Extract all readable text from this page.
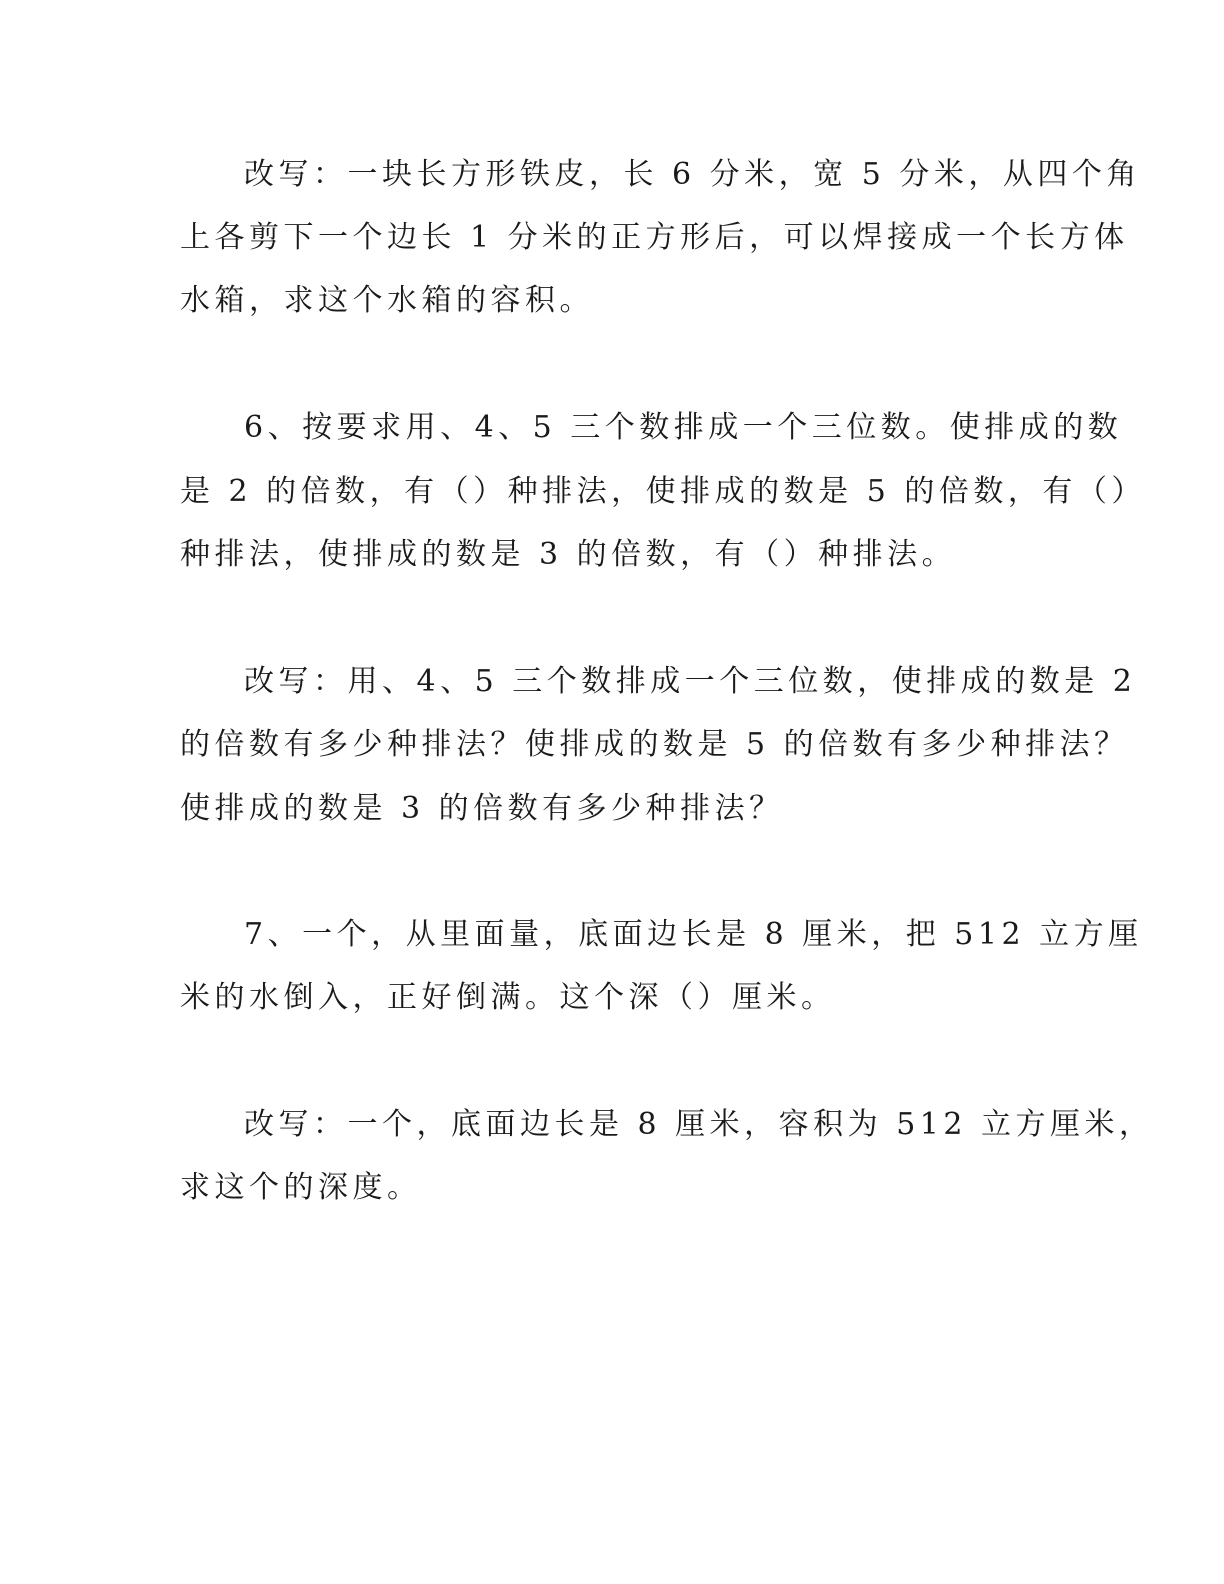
改写：一块长方形铁皮，长 6 分米，宽 5 分米，从四个角
上各剪下一个边长 1 分米的正方形后，可以焊接成一个长方体
水箱，求这个水箱的容积。
6、按要求用、4、5 三个数排成一个三位数。使排成的数
是 2 的倍数，有（）种排法，使排成的数是 5 的倍数，有（）
种排法，使排成的数是 3 的倍数，有（）种排法。
改写：用、4、5 三个数排成一个三位数，使排成的数是 2
的倍数有多少种排法？使排成的数是 5 的倍数有多少种排法？
使排成的数是 3 的倍数有多少种排法？
7、一个，从里面量，底面边长是 8 厘米，把 512 立方厘
米的水倒入，正好倒满。这个深（）厘米。
改写：一个，底面边长是 8 厘米，容积为 512 立方厘米，
求这个的深度。
